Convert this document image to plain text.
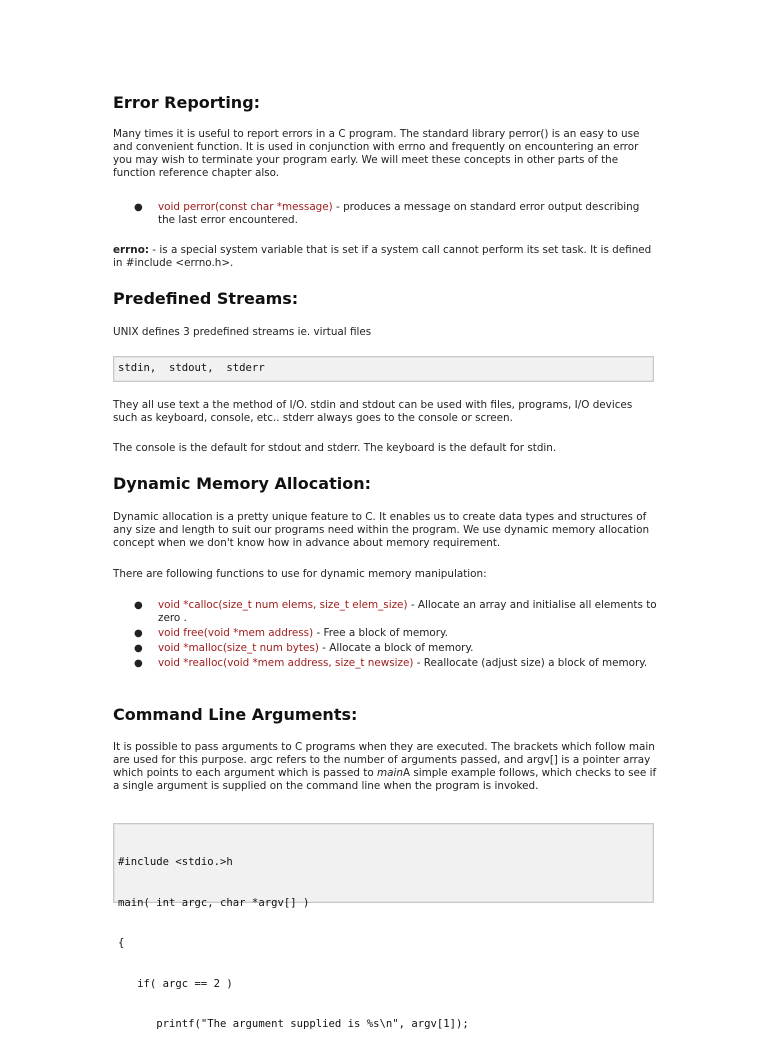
Error Reporting:

Many times it is useful to report errors in a C program. The standard library perror() is an easy to use and convenient function. It is used in conjunction with errno and frequently on encountering an error you may wish to terminate your program early. We will meet these concepts in other parts of the function reference chapter also.

● void perror(const char *message) - produces a message on standard error output describing the last error encountered.

errno: - is a special system variable that is set if a system call cannot perform its set task. It is defined in #include <errno.h>.

Predefined Streams:

UNIX defines 3 predefined streams ie. virtual files

stdin,  stdout,  stderr

They all use text a the method of I/O. stdin and stdout can be used with files, programs, I/O devices such as keyboard, console, etc.. stderr always goes to the console or screen.

The console is the default for stdout and stderr. The keyboard is the default for stdin.

Dynamic Memory Allocation:

Dynamic allocation is a pretty unique feature to C. It enables us to create data types and structures of any size and length to suit our programs need within the program. We use dynamic memory allocation concept when we don't know how in advance about memory requirement.

There are following functions to use for dynamic memory manipulation:

● void *calloc(size_t num elems, size_t elem_size) - Allocate an array and initialise all elements to zero .
● void free(void *mem address) - Free a block of memory.
● void *malloc(size_t num bytes) - Allocate a block of memory.
● void *realloc(void *mem address, size_t newsize) - Reallocate (adjust size) a block of memory.
Command Line Arguments:

It is possible to pass arguments to C programs when they are executed. The brackets which follow main are used for this purpose. argc refers to the number of arguments passed, and argv[] is a pointer array which points to each argument which is passed to mainA simple example follows, which checks to see if a single argument is supplied on the command line when the program is invoked.

#include <stdio.>h

main( int argc, char *argv[] )

{

if( argc == 2 )

printf("The argument supplied is %s\n", argv[1]);
